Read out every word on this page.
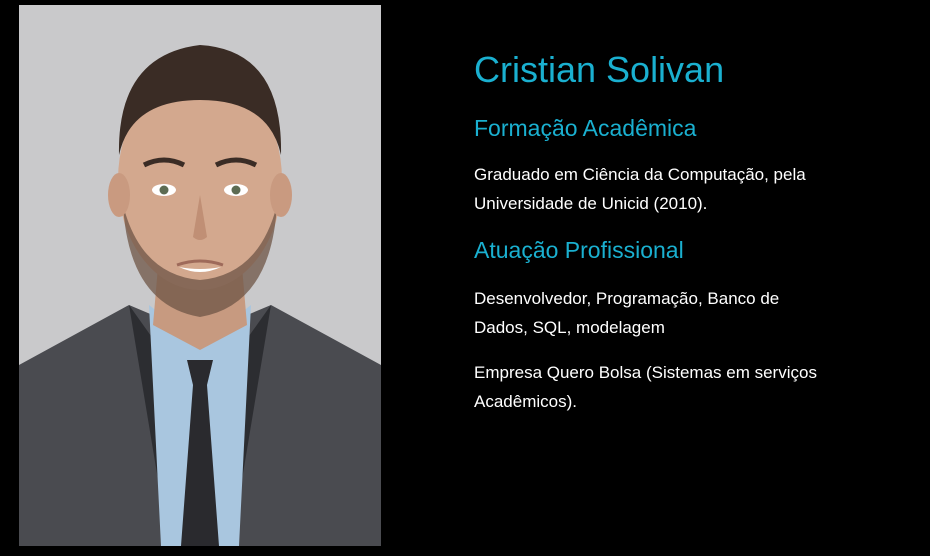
Cristian Solivan
Formação Acadêmica

Graduado em Ciência da Computação, pela Universidade de Unicid (2010).

Atuação Profissional

Desenvolvedor, Programação, Banco de Dados, SQL, modelagem

Empresa Quero Bolsa (Sistemas em serviços Acadêmicos).
